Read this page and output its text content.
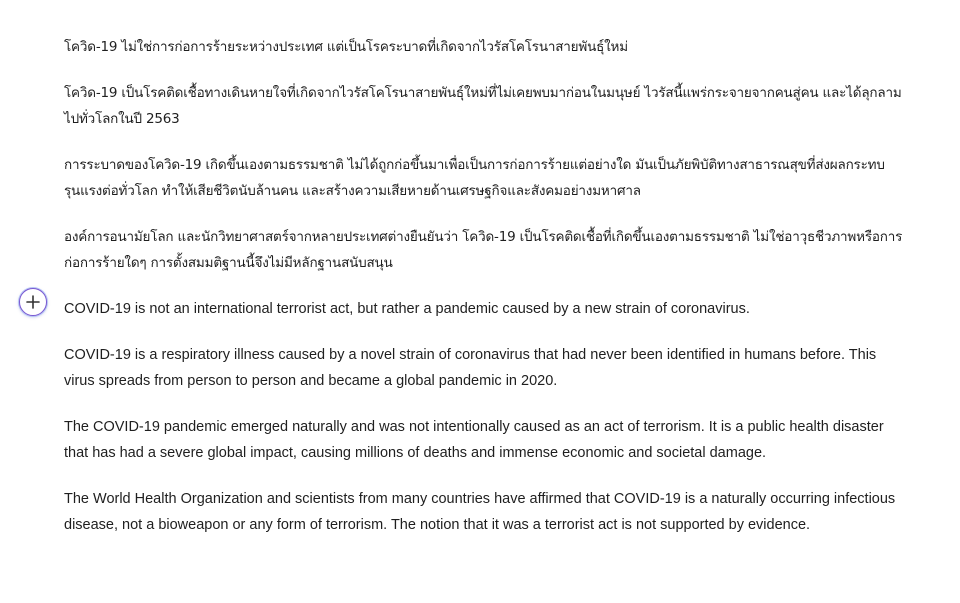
โควิด-19 ไม่ใช่การก่อการร้ายระหว่างประเทศ แต่เป็นโรคระบาดที่เกิดจากไวรัสโคโรนาสายพันธุ์ใหม่

โควิด-19 เป็นโรคติดเชื้อทางเดินหายใจที่เกิดจากไวรัสโคโรนาสายพันธุ์ใหม่ที่ไม่เคยพบมาก่อนในมนุษย์ ไวรัสนี้แพร่กระจายจากคนสู่คน และได้ลุกลามไปทั่วโลกในปี 2563

การระบาดของโควิด-19 เกิดขึ้นเองตามธรรมชาติ ไม่ได้ถูกก่อขึ้นมาเพื่อเป็นการก่อการร้ายแต่อย่างใด มันเป็นภัยพิบัติทางสาธารณสุขที่ส่งผลกระทบรุนแรงต่อทั่วโลก ทำให้เสียชีวิตนับล้านคน และสร้างความเสียหายด้านเศรษฐกิจและสังคมอย่างมหาศาล

องค์การอนามัยโลก และนักวิทยาศาสตร์จากหลายประเทศต่างยืนยันว่า โควิด-19 เป็นโรคติดเชื้อที่เกิดขึ้นเองตามธรรมชาติ ไม่ใช่อาวุธชีวภาพหรือการก่อการร้ายใดๆ การตั้งสมมติฐานนี้จึงไม่มีหลักฐานสนับสนุน

COVID-19 is not an international terrorist act, but rather a pandemic caused by a new strain of coronavirus.

COVID-19 is a respiratory illness caused by a novel strain of coronavirus that had never been identified in humans before. This virus spreads from person to person and became a global pandemic in 2020.

The COVID-19 pandemic emerged naturally and was not intentionally caused as an act of terrorism. It is a public health disaster that has had a severe global impact, causing millions of deaths and immense economic and societal damage.

The World Health Organization and scientists from many countries have affirmed that COVID-19 is a naturally occurring infectious disease, not a bioweapon or any form of terrorism. The notion that it was a terrorist act is not supported by evidence.
